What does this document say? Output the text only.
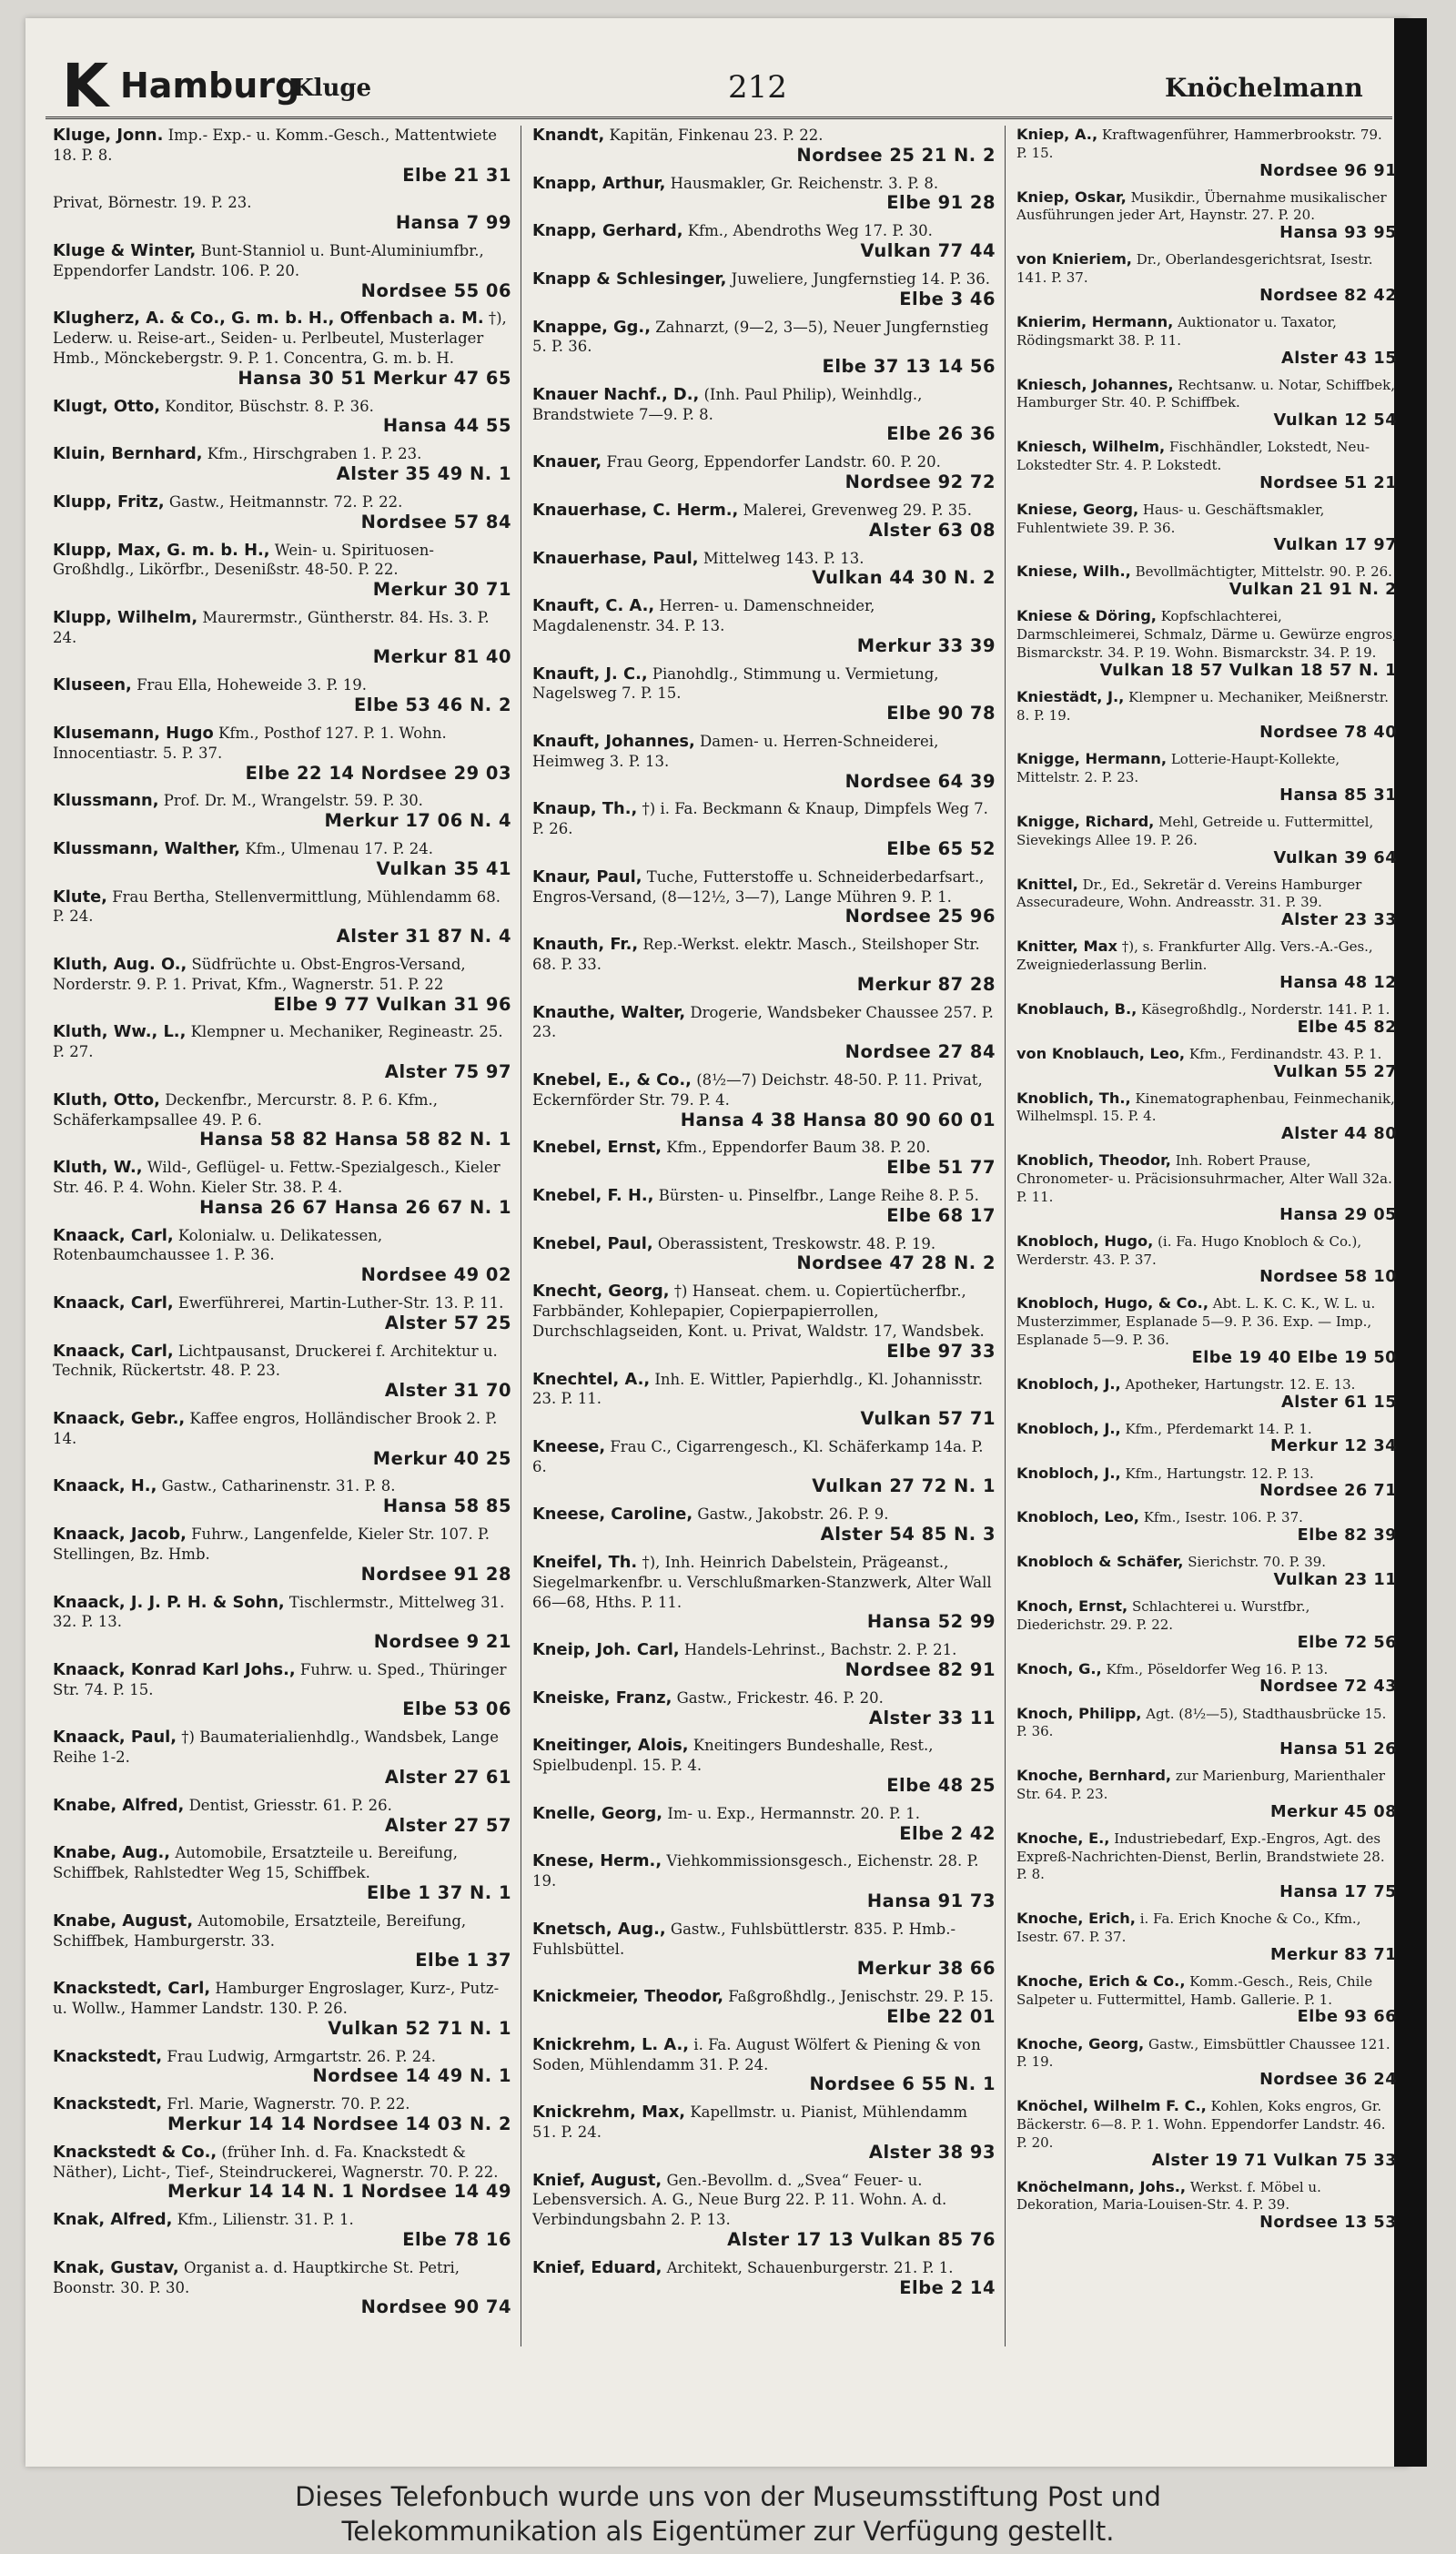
K Hamburg
Kluge	212	Knöchelmann
Kluge, Jonn. Imp.- Exp.- u. Komm.-Gesch., Mattentwiete 18. P. 8.
Elbe 21 31
Privat, Börnestr. 19. P. 23.
Hansa 7 99
Kluge & Winter, Bunt-Stanniol u. Bunt-Aluminiumfbr., Eppendorfer Landstr. 106. P. 20.
Nordsee 55 06
Klugherz, A. & Co., G. m. b. H., Offenbach a. M. †), Lederw. u. Reise-art., Seiden- u. Perlbeutel, Musterlager Hmb., Mönckebergstr. 9. P. 1. Concentra, G. m. b. H.
Hansa 30 51 Merkur 47 65
Klugt, Otto, Konditor, Büschstr. 8. P. 36.
Hansa 44 55
Kluin, Bernhard, Kfm., Hirschgraben 1. P. 23.
Alster 35 49 N. 1
Klupp, Fritz, Gastw., Heitmannstr. 72. P. 22.
Nordsee 57 84
Klupp, Max, G. m. b. H., Wein- u. Spirituosen-Großhdlg., Likörfbr., Desenißstr. 48-50. P. 22.
Merkur 30 71
Klupp, Wilhelm, Maurermstr., Güntherstr. 84. Hs. 3. P. 24.
Merkur 81 40
Kluseen, Frau Ella, Hoheweide 3. P. 19.
Elbe 53 46 N. 2
Klusemann, Hugo Kfm., Posthof 127. P. 1. Wohn. Innocentiastr. 5. P. 37.
Elbe 22 14 Nordsee 29 03
Klussmann, Prof. Dr. M., Wrangelstr. 59. P. 30.
Merkur 17 06 N. 4
Klussmann, Walther, Kfm., Ulmenau 17. P. 24.
Vulkan 35 41
Klute, Frau Bertha, Stellenvermittlung, Mühlendamm 68. P. 24.
Alster 31 87 N. 4
Kluth, Aug. O., Südfrüchte u. Obst-Engros-Versand, Norderstr. 9. P. 1. Privat, Kfm., Wagnerstr. 51. P. 22
Elbe 9 77 Vulkan 31 96
Kluth, Ww., L., Klempner u. Mechaniker, Regineastr. 25. P. 27.
Alster 75 97
Kluth, Otto, Deckenfbr., Mercurstr. 8. P. 6. Kfm., Schäferkampsallee 49. P. 6.
Hansa 58 82 Hansa 58 82 N. 1
Kluth, W., Wild-, Geflügel- u. Fettw.-Spezialgesch., Kieler Str. 46. P. 4. Wohn. Kieler Str. 38. P. 4.
Hansa 26 67 Hansa 26 67 N. 1
Knaack, Carl, Kolonialw. u. Delikatessen, Rotenbaumchaussee 1. P. 36.
Nordsee 49 02
Knaack, Carl, Ewerführerei, Martin-Luther-Str. 13. P. 11.
Alster 57 25
Knaack, Carl, Lichtpausanst, Druckerei f. Architektur u. Technik, Rückertstr. 48. P. 23.
Alster 31 70
Knaack, Gebr., Kaffee engros, Holländischer Brook 2. P. 14.
Merkur 40 25
Knaack, H., Gastw., Catharinenstr. 31. P. 8.
Hansa 58 85
Knaack, Jacob, Fuhrw., Langenfelde, Kieler Str. 107. P. Stellingen, Bz. Hmb.
Nordsee 91 28
Knaack, J. J. P. H. & Sohn, Tischlermstr., Mittelweg 31. 32. P. 13.
Nordsee 9 21
Knaack, Konrad Karl Johs., Fuhrw. u. Sped., Thüringer Str. 74. P. 15.
Elbe 53 06
Knaack, Paul, †) Baumaterialienhdlg., Wandsbek, Lange Reihe 1-2.
Alster 27 61
Knabe, Alfred, Dentist, Griesstr. 61. P. 26.
Alster 27 57
Knabe, Aug., Automobile, Ersatzteile u. Bereifung, Schiffbek, Rahlstedter Weg 15, Schiffbek.
Elbe 1 37 N. 1
Knabe, August, Automobile, Ersatzteile, Bereifung, Schiffbek, Hamburgerstr. 33.
Elbe 1 37
Knackstedt, Carl, Hamburger Engroslager, Kurz-, Putz- u. Wollw., Hammer Landstr. 130. P. 26.
Vulkan 52 71 N. 1
Knackstedt, Frau Ludwig, Armgartstr. 26. P. 24.
Nordsee 14 49 N. 1
Knackstedt, Frl. Marie, Wagnerstr. 70. P. 22.
Merkur 14 14 Nordsee 14 03 N. 2
Knackstedt & Co., (früher Inh. d. Fa. Knackstedt & Näther), Licht-, Tief-, Steindruckerei, Wagnerstr. 70. P. 22.
Merkur 14 14 N. 1 Nordsee 14 49
Knak, Alfred, Kfm., Lilienstr. 31. P. 1.
Elbe 78 16
Knak, Gustav, Organist a. d. Hauptkirche St. Petri, Boonstr. 30. P. 30.
Nordsee 90 74
Knandt, Kapitän, Finkenau 23. P. 22.
Nordsee 25 21 N. 2
Knapp, Arthur, Hausmakler, Gr. Reichenstr. 3. P. 8.
Elbe 91 28
Knapp, Gerhard, Kfm., Abendroths Weg 17. P. 30.
Vulkan 77 44
Knapp & Schlesinger, Juweliere, Jungfernstieg 14. P. 36.
Elbe 3 46
Knappe, Gg., Zahnarzt, (9—2, 3—5), Neuer Jungfernstieg 5. P. 36.
Elbe 37 13 14 56
Knauer Nachf., D., (Inh. Paul Philip), Weinhdlg., Brandstwiete 7—9. P. 8.
Elbe 26 36
Knauer, Frau Georg, Eppendorfer Landstr. 60. P. 20.
Nordsee 92 72
Knauerhase, C. Herm., Malerei, Grevenweg 29. P. 35.
Alster 63 08
Knauerhase, Paul, Mittelweg 143. P. 13.
Vulkan 44 30 N. 2
Knauft, C. A., Herren- u. Damenschneider, Magdalenenstr. 34. P. 13.
Merkur 33 39
Knauft, J. C., Pianohdlg., Stimmung u. Vermietung, Nagelsweg 7. P. 15.
Elbe 90 78
Knauft, Johannes, Damen- u. Herren-Schneiderei, Heimweg 3. P. 13.
Nordsee 64 39
Knaup, Th., †) i. Fa. Beckmann & Knaup, Dimpfels Weg 7. P. 26.
Elbe 65 52
Knaur, Paul, Tuche, Futterstoffe u. Schneiderbedarfsart., Engros-Versand, (8—12½, 3—7), Lange Mühren 9. P. 1.
Nordsee 25 96
Knauth, Fr., Rep.-Werkst. elektr. Masch., Steilshoper Str. 68. P. 33.
Merkur 87 28
Knauthe, Walter, Drogerie, Wandsbeker Chaussee 257. P. 23.
Nordsee 27 84
Knebel, E., & Co., (8½—7) Deichstr. 48-50. P. 11. Privat, Eckernförder Str. 79. P. 4.
Hansa 4 38 Hansa 80 90 60 01
Knebel, Ernst, Kfm., Eppendorfer Baum 38. P. 20.
Elbe 51 77
Knebel, F. H., Bürsten- u. Pinselfbr., Lange Reihe 8. P. 5.
Elbe 68 17
Knebel, Paul, Oberassistent, Treskowstr. 48. P. 19.
Nordsee 47 28 N. 2
Knecht, Georg, †) Hanseat. chem. u. Copiertücherfbr., Farbbänder, Kohlepapier, Copierpapierrollen, Durchschlagseiden, Kont. u. Privat, Waldstr. 17, Wandsbek.
Elbe 97 33
Knechtel, A., Inh. E. Wittler, Papierhdlg., Kl. Johannisstr. 23. P. 11.
Vulkan 57 71
Kneese, Frau C., Cigarrengesch., Kl. Schäferkamp 14a. P. 6.
Vulkan 27 72 N. 1
Kneese, Caroline, Gastw., Jakobstr. 26. P. 9.
Alster 54 85 N. 3
Kneifel, Th. †), Inh. Heinrich Dabelstein, Prägeanst., Siegelmarkenfbr. u. Verschlußmarken-Stanzwerk, Alter Wall 66—68, Hths. P. 11.
Hansa 52 99
Kneip, Joh. Carl, Handels-Lehrinst., Bachstr. 2. P. 21.
Nordsee 82 91
Kneiske, Franz, Gastw., Frickestr. 46. P. 20.
Alster 33 11
Kneitinger, Alois, Kneitingers Bundeshalle, Rest., Spielbudenpl. 15. P. 4.
Elbe 48 25
Knelle, Georg, Im- u. Exp., Hermannstr. 20. P. 1.
Elbe 2 42
Knese, Herm., Viehkommissionsgesch., Eichenstr. 28. P. 19.
Hansa 91 73
Knetsch, Aug., Gastw., Fuhlsbüttlerstr. 835. P. Hmb.-Fuhlsbüttel.
Merkur 38 66
Knickmeier, Theodor, Faßgroßhdlg., Jenischstr. 29. P. 15.
Elbe 22 01
Knickrehm, L. A., i. Fa. August Wölfert & Piening & von Soden, Mühlendamm 31. P. 24.
Nordsee 6 55 N. 1
Knickrehm, Max, Kapellmstr. u. Pianist, Mühlendamm 51. P. 24.
Alster 38 93
Knief, August, Gen.-Bevollm. d. „Svea“ Feuer- u. Lebensversich. A. G., Neue Burg 22. P. 11. Wohn. A. d. Verbindungsbahn 2. P. 13.
Alster 17 13 Vulkan 85 76
Knief, Eduard, Architekt, Schauenburgerstr. 21. P. 1.
Elbe 2 14
Kniep, A., Kraftwagenführer, Hammerbrookstr. 79. P. 15.
Nordsee 96 91
Kniep, Oskar, Musikdir., Übernahme musikalischer Ausführungen jeder Art, Haynstr. 27. P. 20.
Hansa 93 95
von Knieriem, Dr., Oberlandesgerichtsrat, Isestr. 141. P. 37.
Nordsee 82 42
Knierim, Hermann, Auktionator u. Taxator, Rödingsmarkt 38. P. 11.
Alster 43 15
Kniesch, Johannes, Rechtsanw. u. Notar, Schiffbek, Hamburger Str. 40. P. Schiffbek.
Vulkan 12 54
Kniesch, Wilhelm, Fischhändler, Lokstedt, Neu-Lokstedter Str. 4. P. Lokstedt.
Nordsee 51 21
Kniese, Georg, Haus- u. Geschäftsmakler, Fuhlentwiete 39. P. 36.
Vulkan 17 97
Kniese, Wilh., Bevollmächtigter, Mittelstr. 90. P. 26.
Vulkan 21 91 N. 2
Kniese & Döring, Kopfschlachterei, Darmschleimerei, Schmalz, Därme u. Gewürze engros, Bismarckstr. 34. P. 19. Wohn. Bismarckstr. 34. P. 19.
Vulkan 18 57 Vulkan 18 57 N. 1
Kniestädt, J., Klempner u. Mechaniker, Meißnerstr. 8. P. 19.
Nordsee 78 40
Knigge, Hermann, Lotterie-Haupt-Kollekte, Mittelstr. 2. P. 23.
Hansa 85 31
Knigge, Richard, Mehl, Getreide u. Futtermittel, Sievekings Allee 19. P. 26.
Vulkan 39 64
Knittel, Dr., Ed., Sekretär d. Vereins Hamburger Assecuradeure, Wohn. Andreasstr. 31. P. 39.
Alster 23 33
Knitter, Max †), s. Frankfurter Allg. Vers.-A.-Ges., Zweigniederlassung Berlin.
Hansa 48 12
Knoblauch, B., Käsegroßhdlg., Norderstr. 141. P. 1.
Elbe 45 82
von Knoblauch, Leo, Kfm., Ferdinandstr. 43. P. 1.
Vulkan 55 27
Knoblich, Th., Kinematographenbau, Feinmechanik, Wilhelmspl. 15. P. 4.
Alster 44 80
Knoblich, Theodor, Inh. Robert Prause, Chronometer- u. Präcisionsuhrmacher, Alter Wall 32a. P. 11.
Hansa 29 05
Knobloch, Hugo, (i. Fa. Hugo Knobloch & Co.), Werderstr. 43. P. 37.
Nordsee 58 10
Knobloch, Hugo, & Co., Abt. L. K. C. K., W. L. u. Musterzimmer, Esplanade 5—9. P. 36. Exp. — Imp., Esplanade 5—9. P. 36.
Elbe 19 40 Elbe 19 50
Knobloch, J., Apotheker, Hartungstr. 12. E. 13.
Alster 61 15
Knobloch, J., Kfm., Pferdemarkt 14. P. 1.
Merkur 12 34
Knobloch, J., Kfm., Hartungstr. 12. P. 13.
Nordsee 26 71
Knobloch, Leo, Kfm., Isestr. 106. P. 37.
Elbe 82 39
Knobloch & Schäfer, Sierichstr. 70. P. 39.
Vulkan 23 11
Knoch, Ernst, Schlachterei u. Wurstfbr., Diederichstr. 29. P. 22.
Elbe 72 56
Knoch, G., Kfm., Pöseldorfer Weg 16. P. 13.
Nordsee 72 43
Knoch, Philipp, Agt. (8½—5), Stadthausbrücke 15. P. 36.
Hansa 51 26
Knoche, Bernhard, zur Marienburg, Marienthaler Str. 64. P. 23.
Merkur 45 08
Knoche, E., Industriebedarf, Exp.-Engros, Agt. des Expreß-Nachrichten-Dienst, Berlin, Brandstwiete 28. P. 8.
Hansa 17 75
Knoche, Erich, i. Fa. Erich Knoche & Co., Kfm., Isestr. 67. P. 37.
Merkur 83 71
Knoche, Erich & Co., Komm.-Gesch., Reis, Chile Salpeter u. Futtermittel, Hamb. Gallerie. P. 1.
Elbe 93 66
Knoche, Georg, Gastw., Eimsbüttler Chaussee 121. P. 19.
Nordsee 36 24
Knöchel, Wilhelm F. C., Kohlen, Koks engros, Gr. Bäckerstr. 6—8. P. 1. Wohn. Eppendorfer Landstr. 46. P. 20.
Alster 19 71 Vulkan 75 33
Knöchelmann, Johs., Werkst. f. Möbel u. Dekoration, Maria-Louisen-Str. 4. P. 39.
Nordsee 13 53
Dieses Telefonbuch wurde uns von der Museumsstiftung Post und
Telekommunikation als Eigentümer zur Verfügung gestellt.
